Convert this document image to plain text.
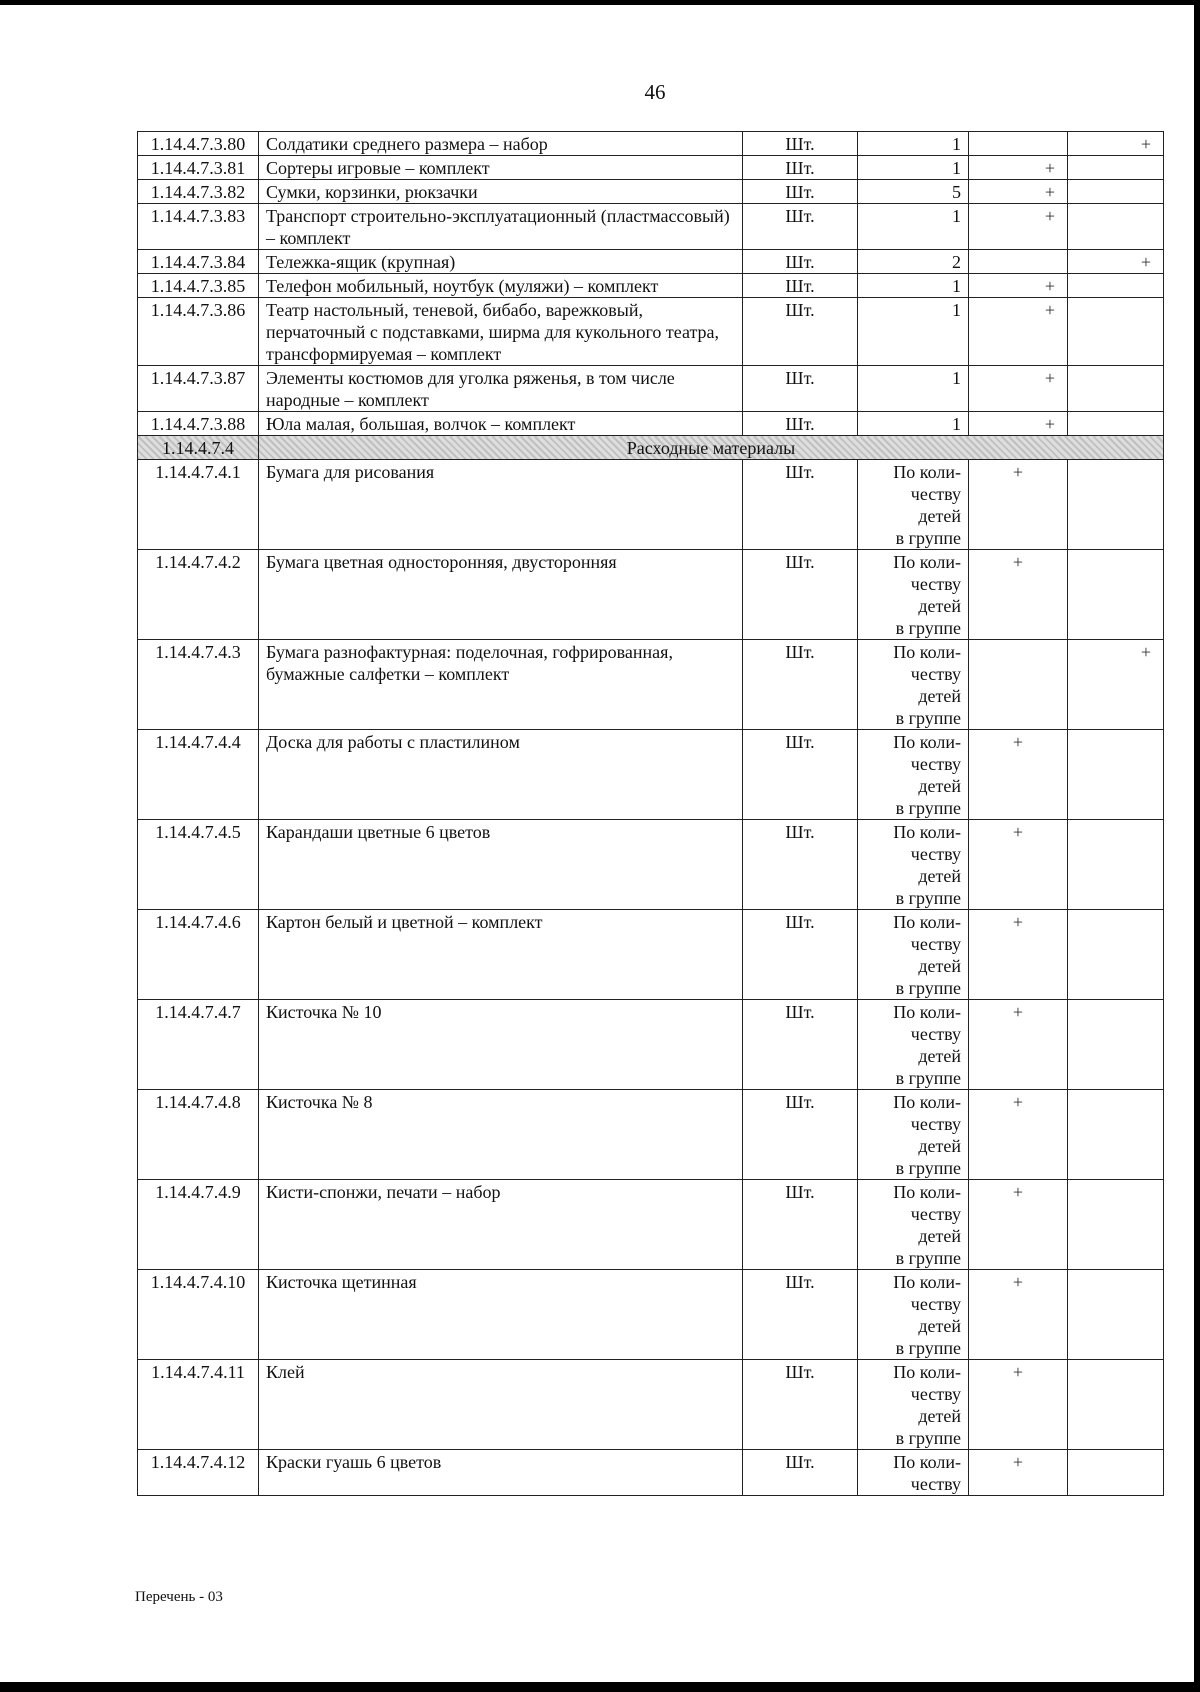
46
1.14.4.7.3.80	Солдатики среднего размера – набор	Шт.	1		+
1.14.4.7.3.81	Сортеры игровые – комплект	Шт.	1	+	
1.14.4.7.3.82	Сумки, корзинки, рюкзачки	Шт.	5	+	
1.14.4.7.3.83	Транспорт строительно-эксплуатационный (пластмассовый) – комплект	Шт.	1	+	
1.14.4.7.3.84	Тележка-ящик (крупная)	Шт.	2		+
1.14.4.7.3.85	Телефон мобильный, ноутбук (муляжи) – комплект	Шт.	1	+	
1.14.4.7.3.86	Театр настольный, теневой, бибабо, варежковый, перчаточный с подставками, ширма для кукольного театра, трансформируемая – комплект	Шт.	1	+	
1.14.4.7.3.87	Элементы костюмов для уголка ряженья, в том числе народные – комплект	Шт.	1	+	
1.14.4.7.3.88	Юла малая, большая, волчок – комплект	Шт.	1	+	
1.14.4.7.4	Расходные материалы				
1.14.4.7.4.1	Бумага для рисования	Шт.	По коли-
честву
детей
в группе	+	
1.14.4.7.4.2	Бумага цветная односторонняя, двусторонняя	Шт.	По коли-
честву
детей
в группе	+	
1.14.4.7.4.3	Бумага разнофактурная: поделочная, гофрированная, бумажные салфетки – комплект	Шт.	По коли-
честву
детей
в группе		+
1.14.4.7.4.4	Доска для работы с пластилином	Шт.	По коли-
честву
детей
в группе	+	
1.14.4.7.4.5	Карандаши цветные 6 цветов	Шт.	По коли-
честву
детей
в группе	+	
1.14.4.7.4.6	Картон белый и цветной – комплект	Шт.	По коли-
честву
детей
в группе	+	
1.14.4.7.4.7	Кисточка № 10	Шт.	По коли-
честву
детей
в группе	+	
1.14.4.7.4.8	Кисточка № 8	Шт.	По коли-
честву
детей
в группе	+	
1.14.4.7.4.9	Кисти-спонжи, печати – набор	Шт.	По коли-
честву
детей
в группе	+	
1.14.4.7.4.10	Кисточка щетинная	Шт.	По коли-
честву
детей
в группе	+	
1.14.4.7.4.11	Клей	Шт.	По коли-
честву
детей
в группе	+	
1.14.4.7.4.12	Краски гуашь 6 цветов	Шт.	По коли-
честву	+	
Перечень - 03
